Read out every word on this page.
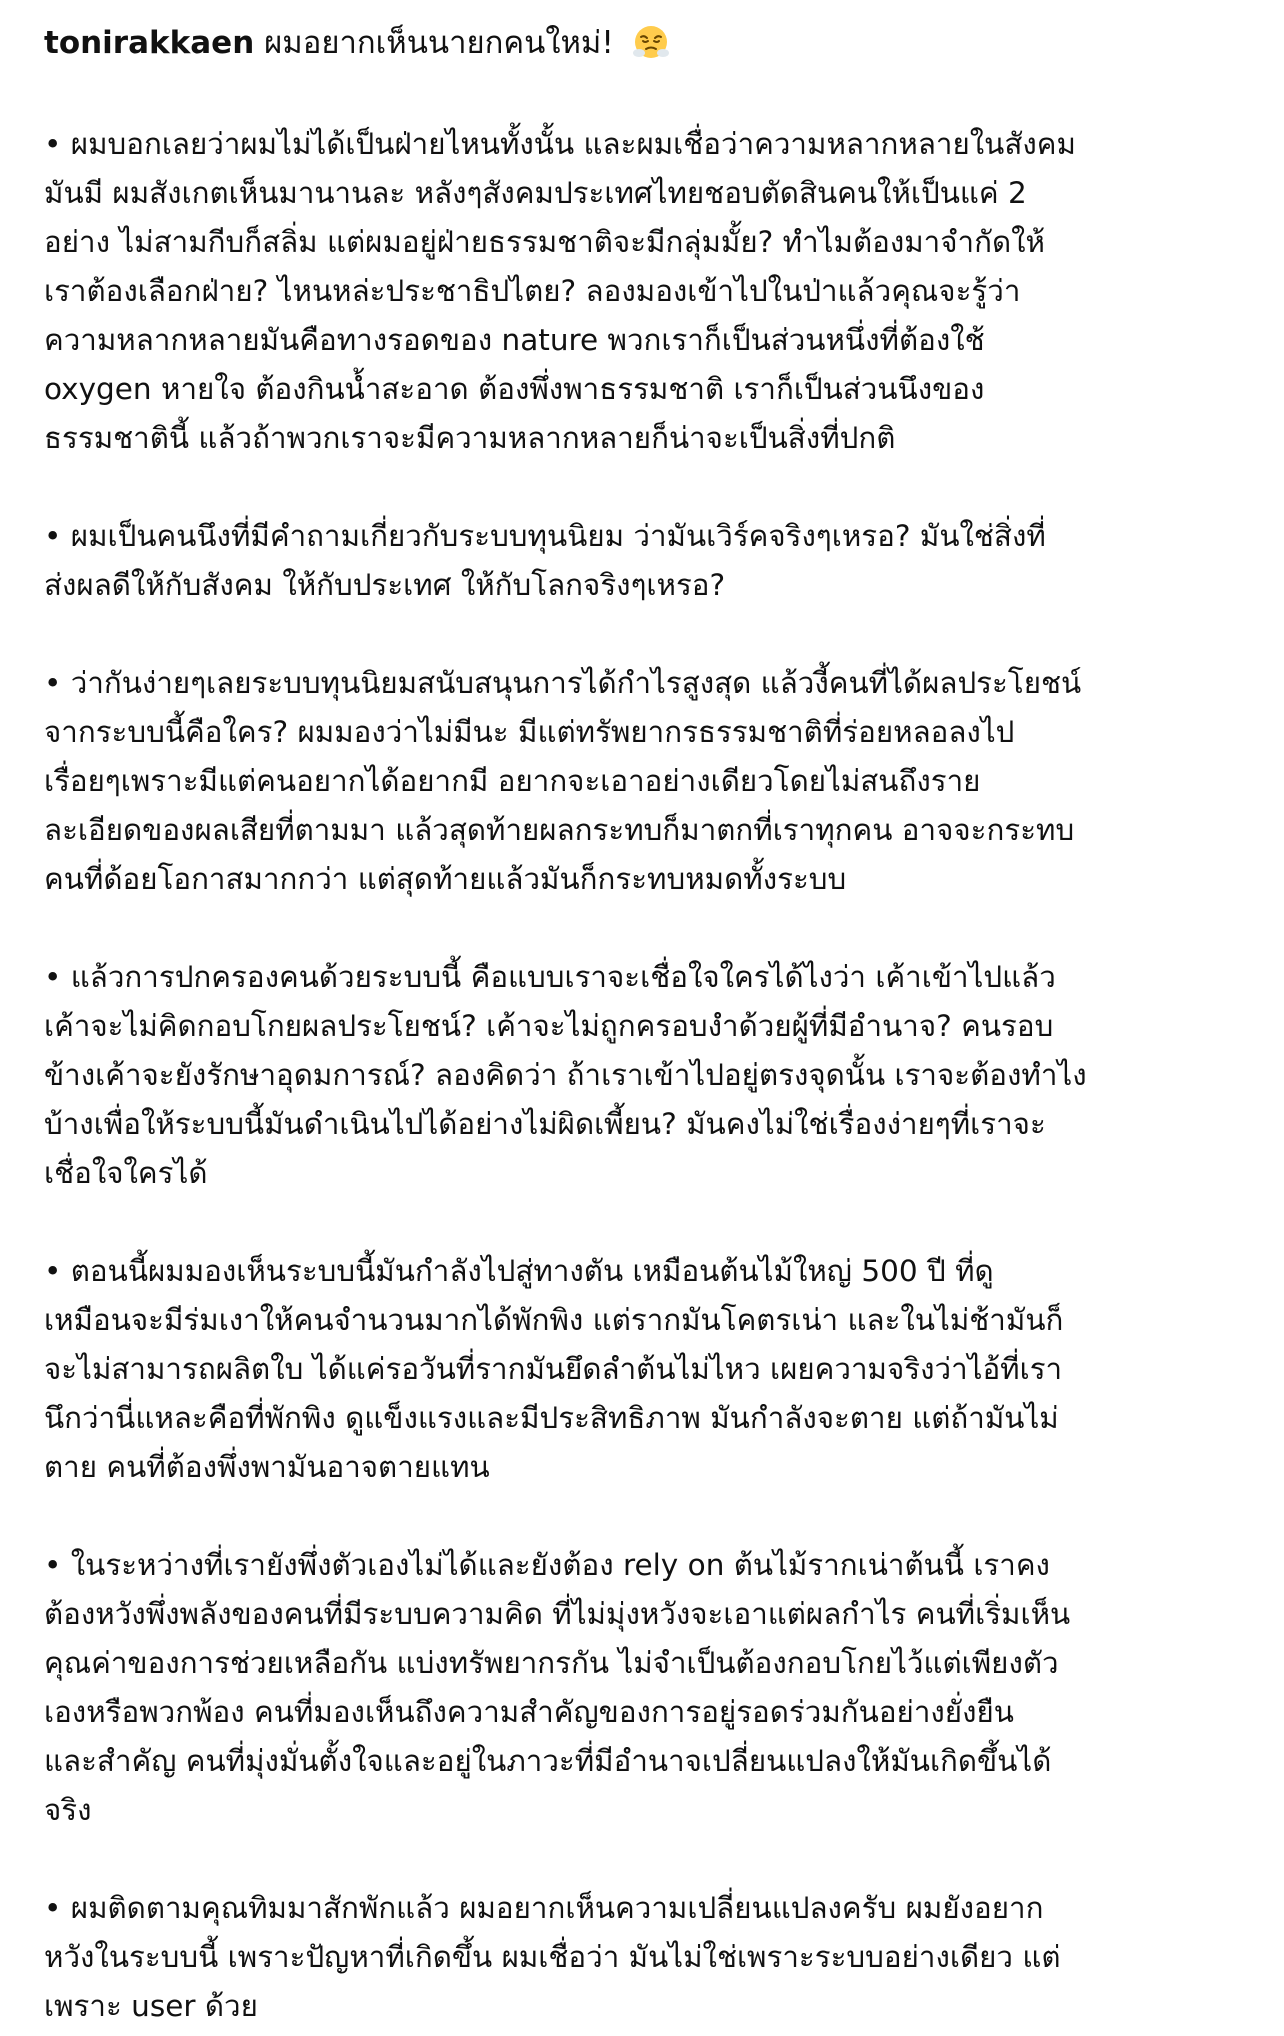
tonirakkaen ผมอยากเห็นนายกคนใหม่!
• ผมบอกเลยว่าผมไม่ได้เป็นฝ่ายไหนทั้งนั้น และผมเชื่อว่าความหลากหลายในสังคม
มันมี ผมสังเกตเห็นมานานละ หลังๆสังคมประเทศไทยชอบตัดสินคนให้เป็นแค่ 2
อย่าง ไม่สามกีบก็สลิ่ม แต่ผมอยู่ฝ่ายธรรมชาติจะมีกลุ่มมั้ย? ทำไมต้องมาจำกัดให้
เราต้องเลือกฝ่าย? ไหนหล่ะประชาธิปไตย? ลองมองเข้าไปในป่าแล้วคุณจะรู้ว่า
ความหลากหลายมันคือทางรอดของ nature พวกเราก็เป็นส่วนหนึ่งที่ต้องใช้
oxygen หายใจ ต้องกินน้ำสะอาด ต้องพึ่งพาธรรมชาติ เราก็เป็นส่วนนึงของ
ธรรมชาตินี้ แล้วถ้าพวกเราจะมีความหลากหลายก็น่าจะเป็นสิ่งที่ปกติ
• ผมเป็นคนนึงที่มีคำถามเกี่ยวกับระบบทุนนิยม ว่ามันเวิร์คจริงๆเหรอ? มันใช่สิ่งที่
ส่งผลดีให้กับสังคม ให้กับประเทศ ให้กับโลกจริงๆเหรอ?
• ว่ากันง่ายๆเลยระบบทุนนิยมสนับสนุนการได้กำไรสูงสุด แล้วงี้คนที่ได้ผลประโยชน์
จากระบบนี้คือใคร? ผมมองว่าไม่มีนะ มีแต่ทรัพยากรธรรมชาติที่ร่อยหลอลงไป
เรื่อยๆเพราะมีแต่คนอยากได้อยากมี อยากจะเอาอย่างเดียวโดยไม่สนถึงราย
ละเอียดของผลเสียที่ตามมา แล้วสุดท้ายผลกระทบก็มาตกที่เราทุกคน อาจจะกระทบ
คนที่ด้อยโอกาสมากกว่า แต่สุดท้ายแล้วมันก็กระทบหมดทั้งระบบ
• แล้วการปกครองคนด้วยระบบนี้ คือแบบเราจะเชื่อใจใครได้ไงว่า เค้าเข้าไปแล้ว
เค้าจะไม่คิดกอบโกยผลประโยชน์? เค้าจะไม่ถูกครอบงำด้วยผู้ที่มีอำนาจ? คนรอบ
ข้างเค้าจะยังรักษาอุดมการณ์? ลองคิดว่า ถ้าเราเข้าไปอยู่ตรงจุดนั้น เราจะต้องทำไง
บ้างเพื่อให้ระบบนี้มันดำเนินไปได้อย่างไม่ผิดเพี้ยน? มันคงไม่ใช่เรื่องง่ายๆที่เราจะ
เชื่อใจใครได้
• ตอนนี้ผมมองเห็นระบบนี้มันกำลังไปสู่ทางตัน เหมือนต้นไม้ใหญ่ 500 ปี ที่ดู
เหมือนจะมีร่มเงาให้คนจำนวนมากได้พักพิง แต่รากมันโคตรเน่า และในไม่ช้ามันก็
จะไม่สามารถผลิตใบ ได้แค่รอวันที่รากมันยึดลำต้นไม่ไหว เผยความจริงว่าไอ้ที่เรา
นึกว่านี่แหละคือที่พักพิง ดูแข็งแรงและมีประสิทธิภาพ มันกำลังจะตาย แต่ถ้ามันไม่
ตาย คนที่ต้องพึ่งพามันอาจตายแทน
• ในระหว่างที่เรายังพึ่งตัวเองไม่ได้และยังต้อง rely on ต้นไม้รากเน่าต้นนี้ เราคง
ต้องหวังพึ่งพลังของคนที่มีระบบความคิด ที่ไม่มุ่งหวังจะเอาแต่ผลกำไร คนที่เริ่มเห็น
คุณค่าของการช่วยเหลือกัน แบ่งทรัพยากรกัน ไม่จำเป็นต้องกอบโกยไว้แต่เพียงตัว
เองหรือพวกพ้อง คนที่มองเห็นถึงความสำคัญของการอยู่รอดร่วมกันอย่างยั่งยืน
และสำคัญ คนที่มุ่งมั่นตั้งใจและอยู่ในภาวะที่มีอำนาจเปลี่ยนแปลงให้มันเกิดขึ้นได้
จริง
• ผมติดตามคุณทิมมาสักพักแล้ว ผมอยากเห็นความเปลี่ยนแปลงครับ ผมยังอยาก
หวังในระบบนี้ เพราะปัญหาที่เกิดขึ้น ผมเชื่อว่า มันไม่ใช่เพราะระบบอย่างเดียว แต่
เพราะ user ด้วย
